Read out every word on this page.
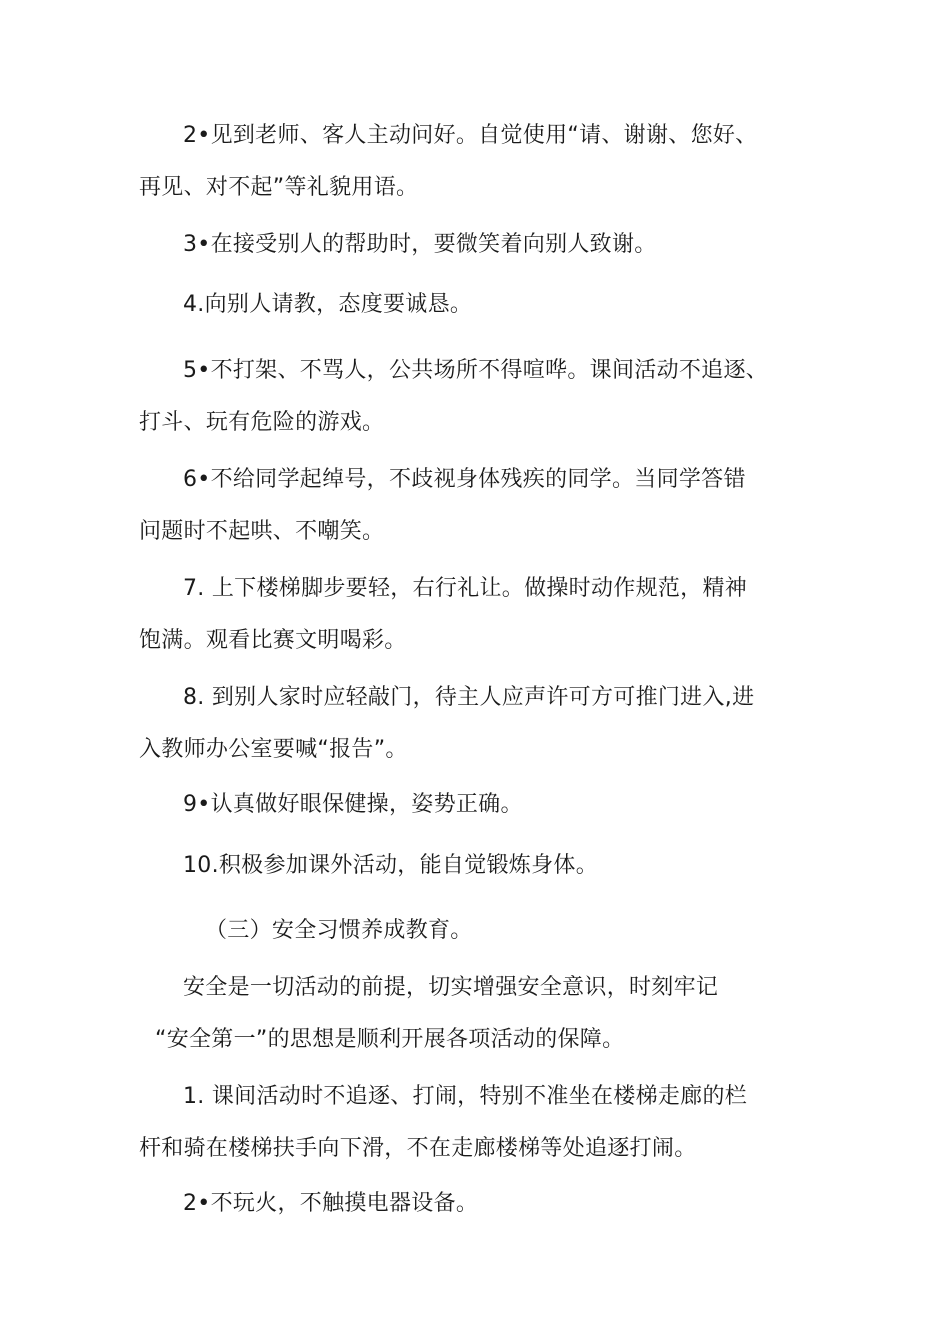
2•见到老师、客人主动问好。自觉使用“请、谢谢、您好、
再见、对不起”等礼貌用语。
3•在接受别人的帮助时，要微笑着向别人致谢。
4.向别人请教，态度要诚恳。
5•不打架、不骂人，公共场所不得喧哗。课间活动不追逐、
打斗、玩有危险的游戏。
6•不给同学起绰号，不歧视身体残疾的同学。当同学答错
问题时不起哄、不嘲笑。
7. 上下楼梯脚步要轻，右行礼让。做操时动作规范，精神
饱满。观看比赛文明喝彩。
8. 到别人家时应轻敲门，待主人应声许可方可推门进入,进
入教师办公室要喊“报告”。
9•认真做好眼保健操，姿势正确。
10.积极参加课外活动，能自觉锻炼身体。
（三）安全习惯养成教育。
安全是一切活动的前提，切实增强安全意识，时刻牢记
“安全第一”的思想是顺利开展各项活动的保障。
1. 课间活动时不追逐、打闹，特别不准坐在楼梯走廊的栏
杆和骑在楼梯扶手向下滑，不在走廊楼梯等处追逐打闹。
2•不玩火，不触摸电器设备。
